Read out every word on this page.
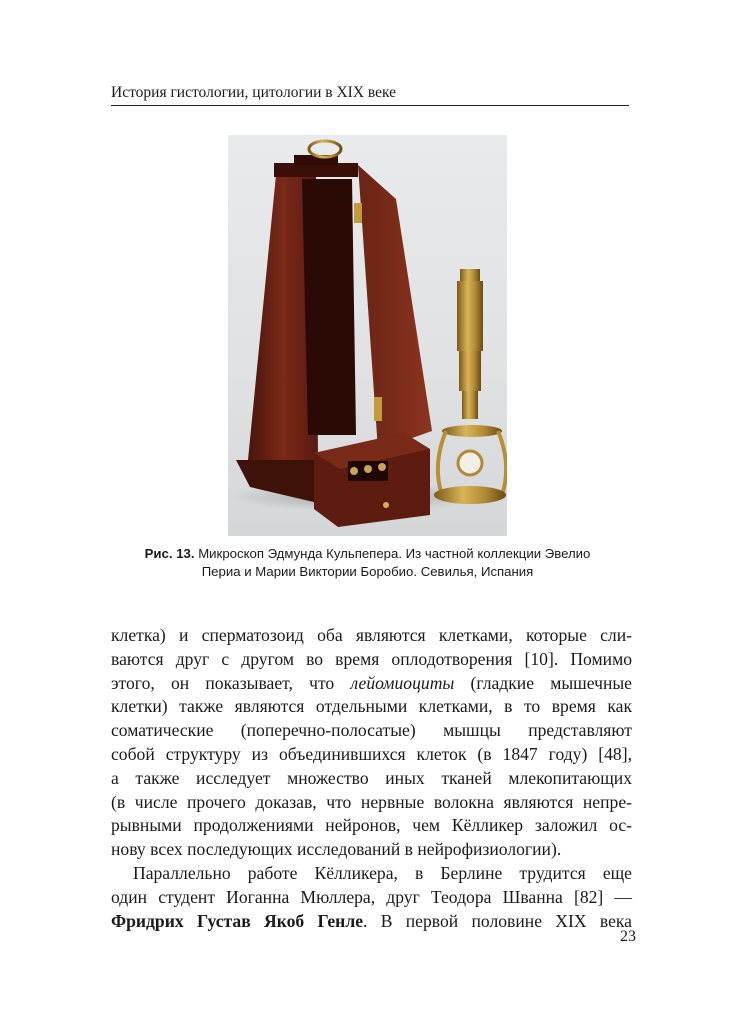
История гистологии, цитологии в XIX веке
Рис. 13. Микроскоп Эдмунда Кульпепера. Из частной коллекции Эвелио
Периа и Марии Виктории Боробио. Севилья, Испания
клетка) и сперматозоид оба являются клетками, которые сли-
ваются друг с другом во время оплодотворения [10]. Помимо
этого, он показывает, что лейомиоциты (гладкие мышечные
клетки) также являются отдельными клетками, в то время как
соматические (поперечно-полосатые) мышцы представляют
собой структуру из объединившихся клеток (в 1847 году) [48],
а также исследует множество иных тканей млекопитающих
(в числе прочего доказав, что нервные волокна являются непре-
рывными продолжениями нейронов, чем Кёлликер заложил ос-
нову всех последующих исследований в нейрофизиологии).
Параллельно работе Кёлликера, в Берлине трудится еще
один студент Иоганна Мюллера, друг Теодора Шванна [82] —
Фридрих Густав Якоб Генле. В первой половине XIX века
23
